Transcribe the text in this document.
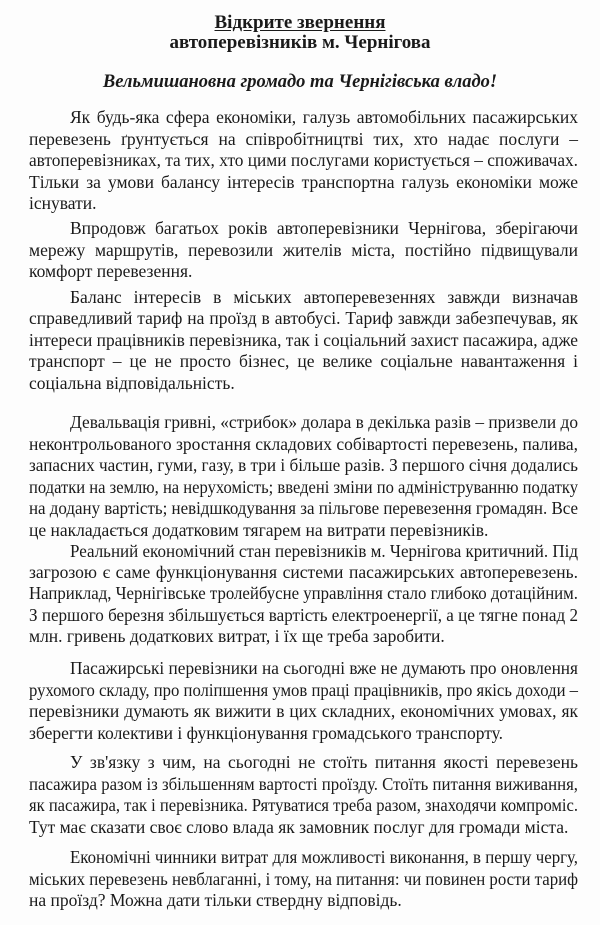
Відкрите звернення
автоперевізників м. Чернігова
Вельмишановна громадо та Чернігівська владо!
Як будь-яка сфера економіки, галузь автомобільних пасажирських
перевезень ґрунтується на співробітництві тих, хто надає послуги –
автоперевізниках, та тих, хто цими послугами користується – споживачах.
Тільки за умови балансу інтересів транспортна галузь економіки може
існувати.
Впродовж багатьох років автоперевізники Чернігова, зберігаючи
мережу маршрутів, перевозили жителів міста, постійно підвищували
комфорт перевезення.
Баланс інтересів в міських автоперевезеннях завжди визначав
справедливий тариф на проїзд в автобусі. Тариф завжди забезпечував, як
інтереси працівників перевізника, так і соціальний захист пасажира, адже
транспорт – це не просто бізнес, це велике соціальне навантаження і
соціальна відповідальність.
Девальвація гривні, «стрибок» долара в декілька разів – призвели до
неконтрольованого зростання складових собівартості перевезень, палива,
запасних частин, гуми, газу, в три і більше разів. З першого січня додались
податки на землю, на нерухомість; введені зміни по адмініструванню податку
на додану вартість; невідшкодування за пільгове перевезення громадян. Все
це накладається додатковим тягарем на витрати перевізників.
Реальний економічний стан перевізників м. Чернігова критичний. Під
загрозою є саме функціонування системи пасажирських автоперевезень.
Наприклад, Чернігівське тролейбусне управління стало глибоко дотаційним.
З першого березня збільшується вартість електроенергії, а це тягне понад 2
млн. гривень додаткових витрат, і їх ще треба заробити.
Пасажирські перевізники на сьогодні вже не думають про оновлення
рухомого складу, про поліпшення умов праці працівників, про якісь доходи –
перевізники думають як вижити в цих складних, економічних умовах, як
зберегти колективи і функціонування громадського транспорту.
У зв'язку з чим, на сьогодні не стоїть питання якості перевезень
пасажира разом із збільшенням вартості проїзду. Стоїть питання виживання,
як пасажира, так і перевізника. Рятуватися треба разом, знаходячи компроміс.
Тут має сказати своє слово влада як замовник послуг для громади міста.
Економічні чинники витрат для можливості виконання, в першу чергу,
міських перевезень невблаганні, і тому, на питання: чи повинен рости тариф
на проїзд? Можна дати тільки ствердну відповідь.
